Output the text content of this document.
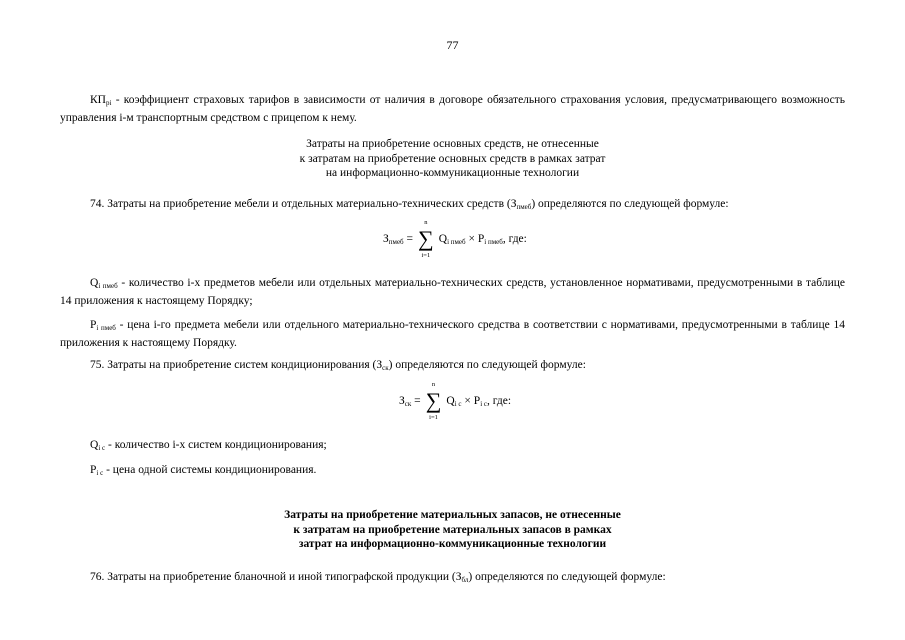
77
$КП_{pi}$ - коэффициент страховых тарифов в зависимости от наличия в договоре обязательного страхования условия, предусматривающего возможность управления i-м транспортным средством с прицепом к нему.
Затраты на приобретение основных средств, не отнесенные
к затратам на приобретение основных средств в рамках затрат
на информационно-коммуникационные технологии
74. Затраты на приобретение мебели и отдельных материально-технических средств $(З_{пмеб})$ определяются по следующей формуле:
$З_{пмеб}$ =
n
∑
i=1
$Q_{i пмеб} \times P_{i пмеб}$, где:
$Q_{i пмеб}$ - количество i-х предметов мебели или отдельных материально-технических средств, установленное нормативами, предусмотренными в таблице 14 приложения к настоящему Порядку;
$P_{i пмеб}$ - цена i-го предмета мебели или отдельного материально-технического средства в соответствии с нормативами, предусмотренными в таблице 14 приложения к настоящему Порядку.
75. Затраты на приобретение систем кондиционирования $(З_{ск})$ определяются по следующей формуле:
$З_{ск}$ =
n
∑
i=1
$Q_{i c} \times P_{i c}$, где:
$Q_{i c}$ - количество i-х систем кондиционирования;
$P_{i c}$ - цена одной системы кондиционирования.
Затраты на приобретение материальных запасов, не отнесенные
к затратам на приобретение материальных запасов в рамках
затрат на информационно-коммуникационные технологии
76. Затраты на приобретение бланочной и иной типографской продукции $(З_{бл})$ определяются по следующей формуле:
